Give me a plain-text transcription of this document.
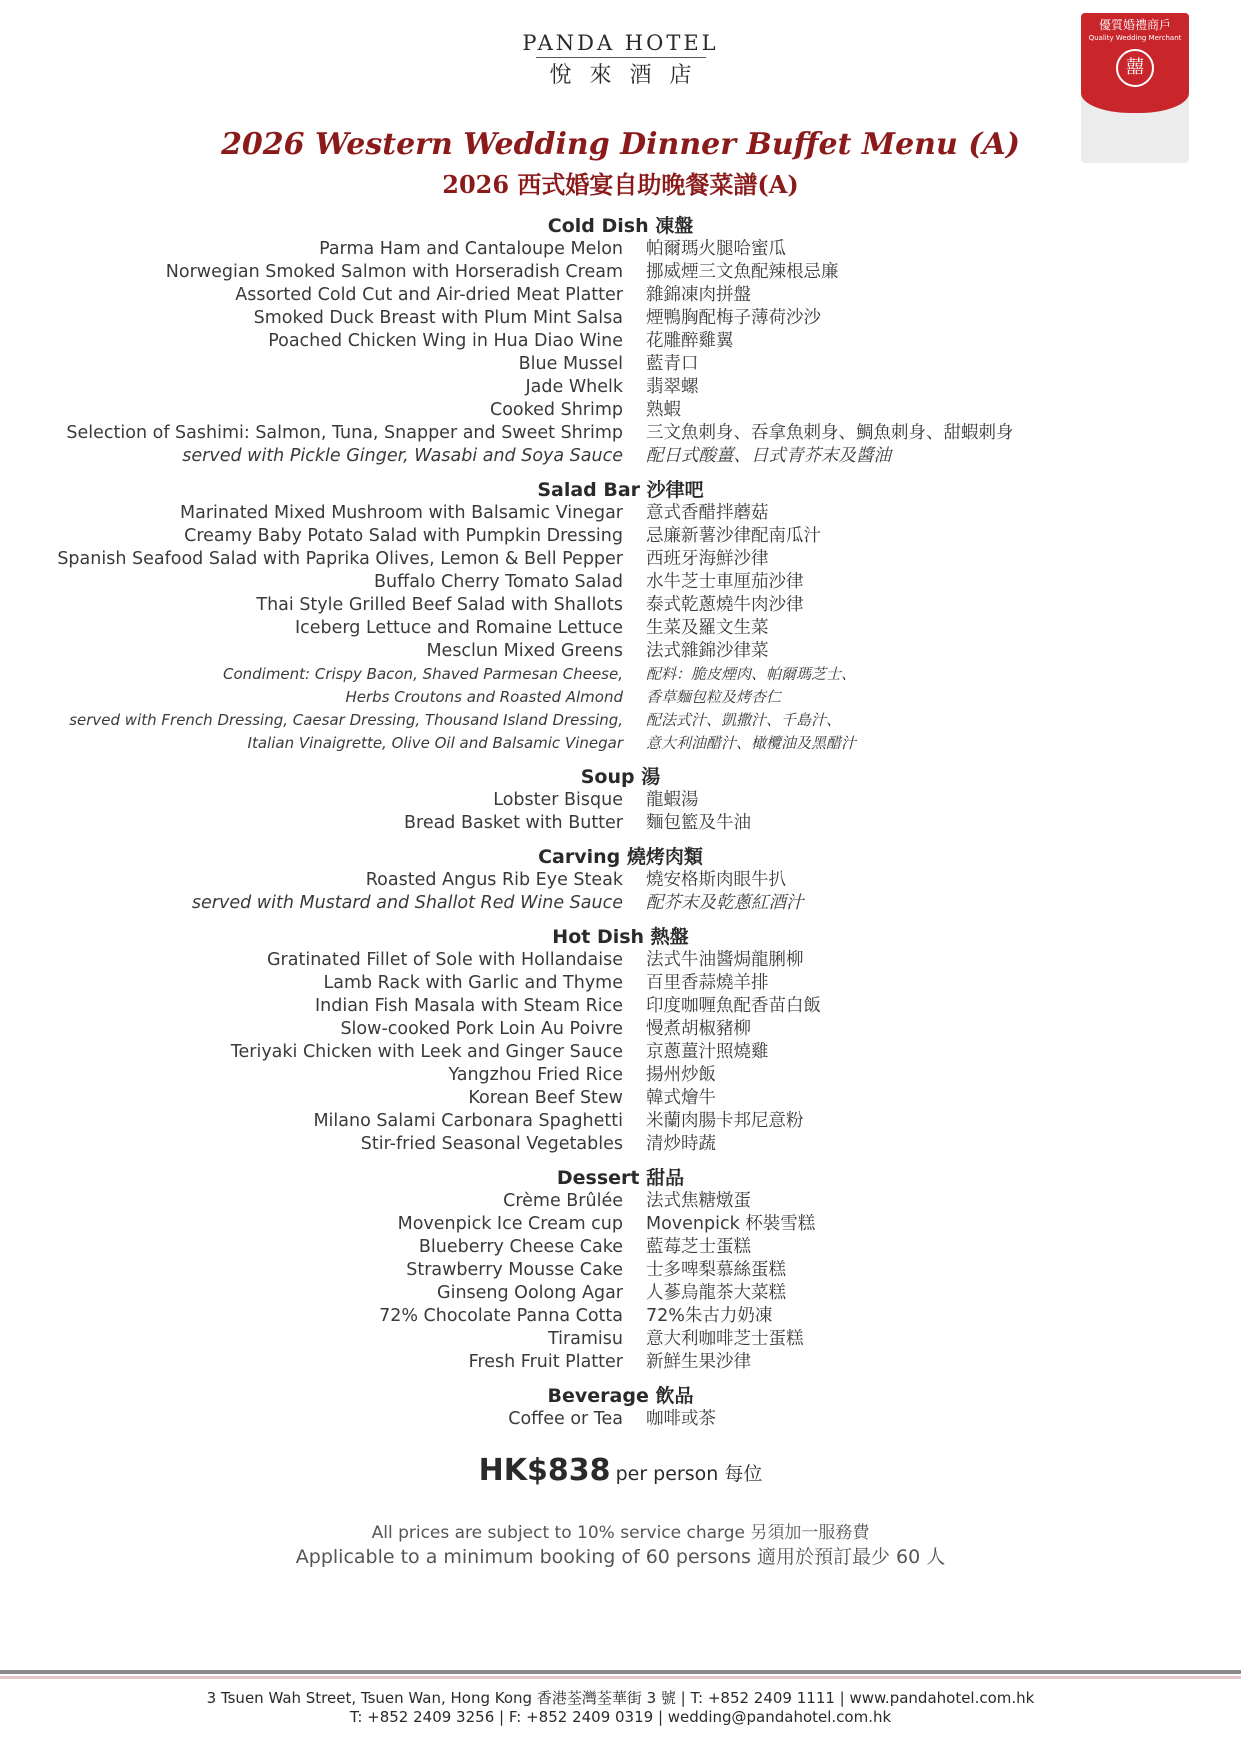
PANDA HOTEL
悅來酒店
優質婚禮商戶
Quality Wedding Merchant
囍
2026 Western Wedding Dinner Buffet Menu (A)
2026 西式婚宴自助晚餐菜譜(A)
Cold Dish 凍盤
Parma Ham and Cantaloupe Melon 帕爾瑪火腿哈蜜瓜
Norwegian Smoked Salmon with Horseradish Cream 挪威煙三文魚配辣根忌廉
Assorted Cold Cut and Air-dried Meat Platter 雜錦凍肉拼盤
Smoked Duck Breast with Plum Mint Salsa 煙鴨胸配梅子薄荷沙沙
Poached Chicken Wing in Hua Diao Wine 花雕醉雞翼
Blue Mussel 藍青口
Jade Whelk 翡翠螺
Cooked Shrimp 熟蝦
Selection of Sashimi: Salmon, Tuna, Snapper and Sweet Shrimp 三文魚刺身、吞拿魚刺身、鯛魚刺身、甜蝦刺身
served with Pickle Ginger, Wasabi and Soya Sauce 配日式酸薑、日式青芥末及醬油
Salad Bar 沙律吧
Marinated Mixed Mushroom with Balsamic Vinegar 意式香醋拌蘑菇
Creamy Baby Potato Salad with Pumpkin Dressing 忌廉新薯沙律配南瓜汁
Spanish Seafood Salad with Paprika Olives, Lemon & Bell Pepper 西班牙海鮮沙律
Buffalo Cherry Tomato Salad 水牛芝士車厘茄沙律
Thai Style Grilled Beef Salad with Shallots 泰式乾蔥燒牛肉沙律
Iceberg Lettuce and Romaine Lettuce 生菜及羅文生菜
Mesclun Mixed Greens 法式雜錦沙律菜
Condiment: Crispy Bacon, Shaved Parmesan Cheese, 配料：脆皮煙肉、帕爾瑪芝士、
Herbs Croutons and Roasted Almond 香草麵包粒及烤杏仁
served with French Dressing, Caesar Dressing, Thousand Island Dressing, 配法式汁、凱撒汁、千島汁、
Italian Vinaigrette, Olive Oil and Balsamic Vinegar 意大利油醋汁、橄欖油及黑醋汁
Soup 湯
Lobster Bisque 龍蝦湯
Bread Basket with Butter 麵包籃及牛油
Carving 燒烤肉類
Roasted Angus Rib Eye Steak 燒安格斯肉眼牛扒
served with Mustard and Shallot Red Wine Sauce 配芥末及乾蔥紅酒汁
Hot Dish 熱盤
Gratinated Fillet of Sole with Hollandaise 法式牛油醬焗龍脷柳
Lamb Rack with Garlic and Thyme 百里香蒜燒羊排
Indian Fish Masala with Steam Rice 印度咖喱魚配香苗白飯
Slow-cooked Pork Loin Au Poivre 慢煮胡椒豬柳
Teriyaki Chicken with Leek and Ginger Sauce 京蔥薑汁照燒雞
Yangzhou Fried Rice 揚州炒飯
Korean Beef Stew 韓式燴牛
Milano Salami Carbonara Spaghetti 米蘭肉腸卡邦尼意粉
Stir-fried Seasonal Vegetables 清炒時蔬
Dessert 甜品
Crème Brûlée 法式焦糖燉蛋
Movenpick Ice Cream cup Movenpick 杯裝雪糕
Blueberry Cheese Cake 藍莓芝士蛋糕
Strawberry Mousse Cake 士多啤梨慕絲蛋糕
Ginseng Oolong Agar 人蔘烏龍茶大菜糕
72% Chocolate Panna Cotta 72%朱古力奶凍
Tiramisu 意大利咖啡芝士蛋糕
Fresh Fruit Platter 新鮮生果沙律
Beverage 飲品
Coffee or Tea 咖啡或茶
HK$838 per person 每位
All prices are subject to 10% service charge 另須加一服務費
Applicable to a minimum booking of 60 persons 適用於預訂最少 60 人
3 Tsuen Wah Street, Tsuen Wan, Hong Kong 香港荃灣荃華街 3 號 | T: +852 2409 1111 | www.pandahotel.com.hk
T: +852 2409 3256 | F: +852 2409 0319 | wedding@pandahotel.com.hk
